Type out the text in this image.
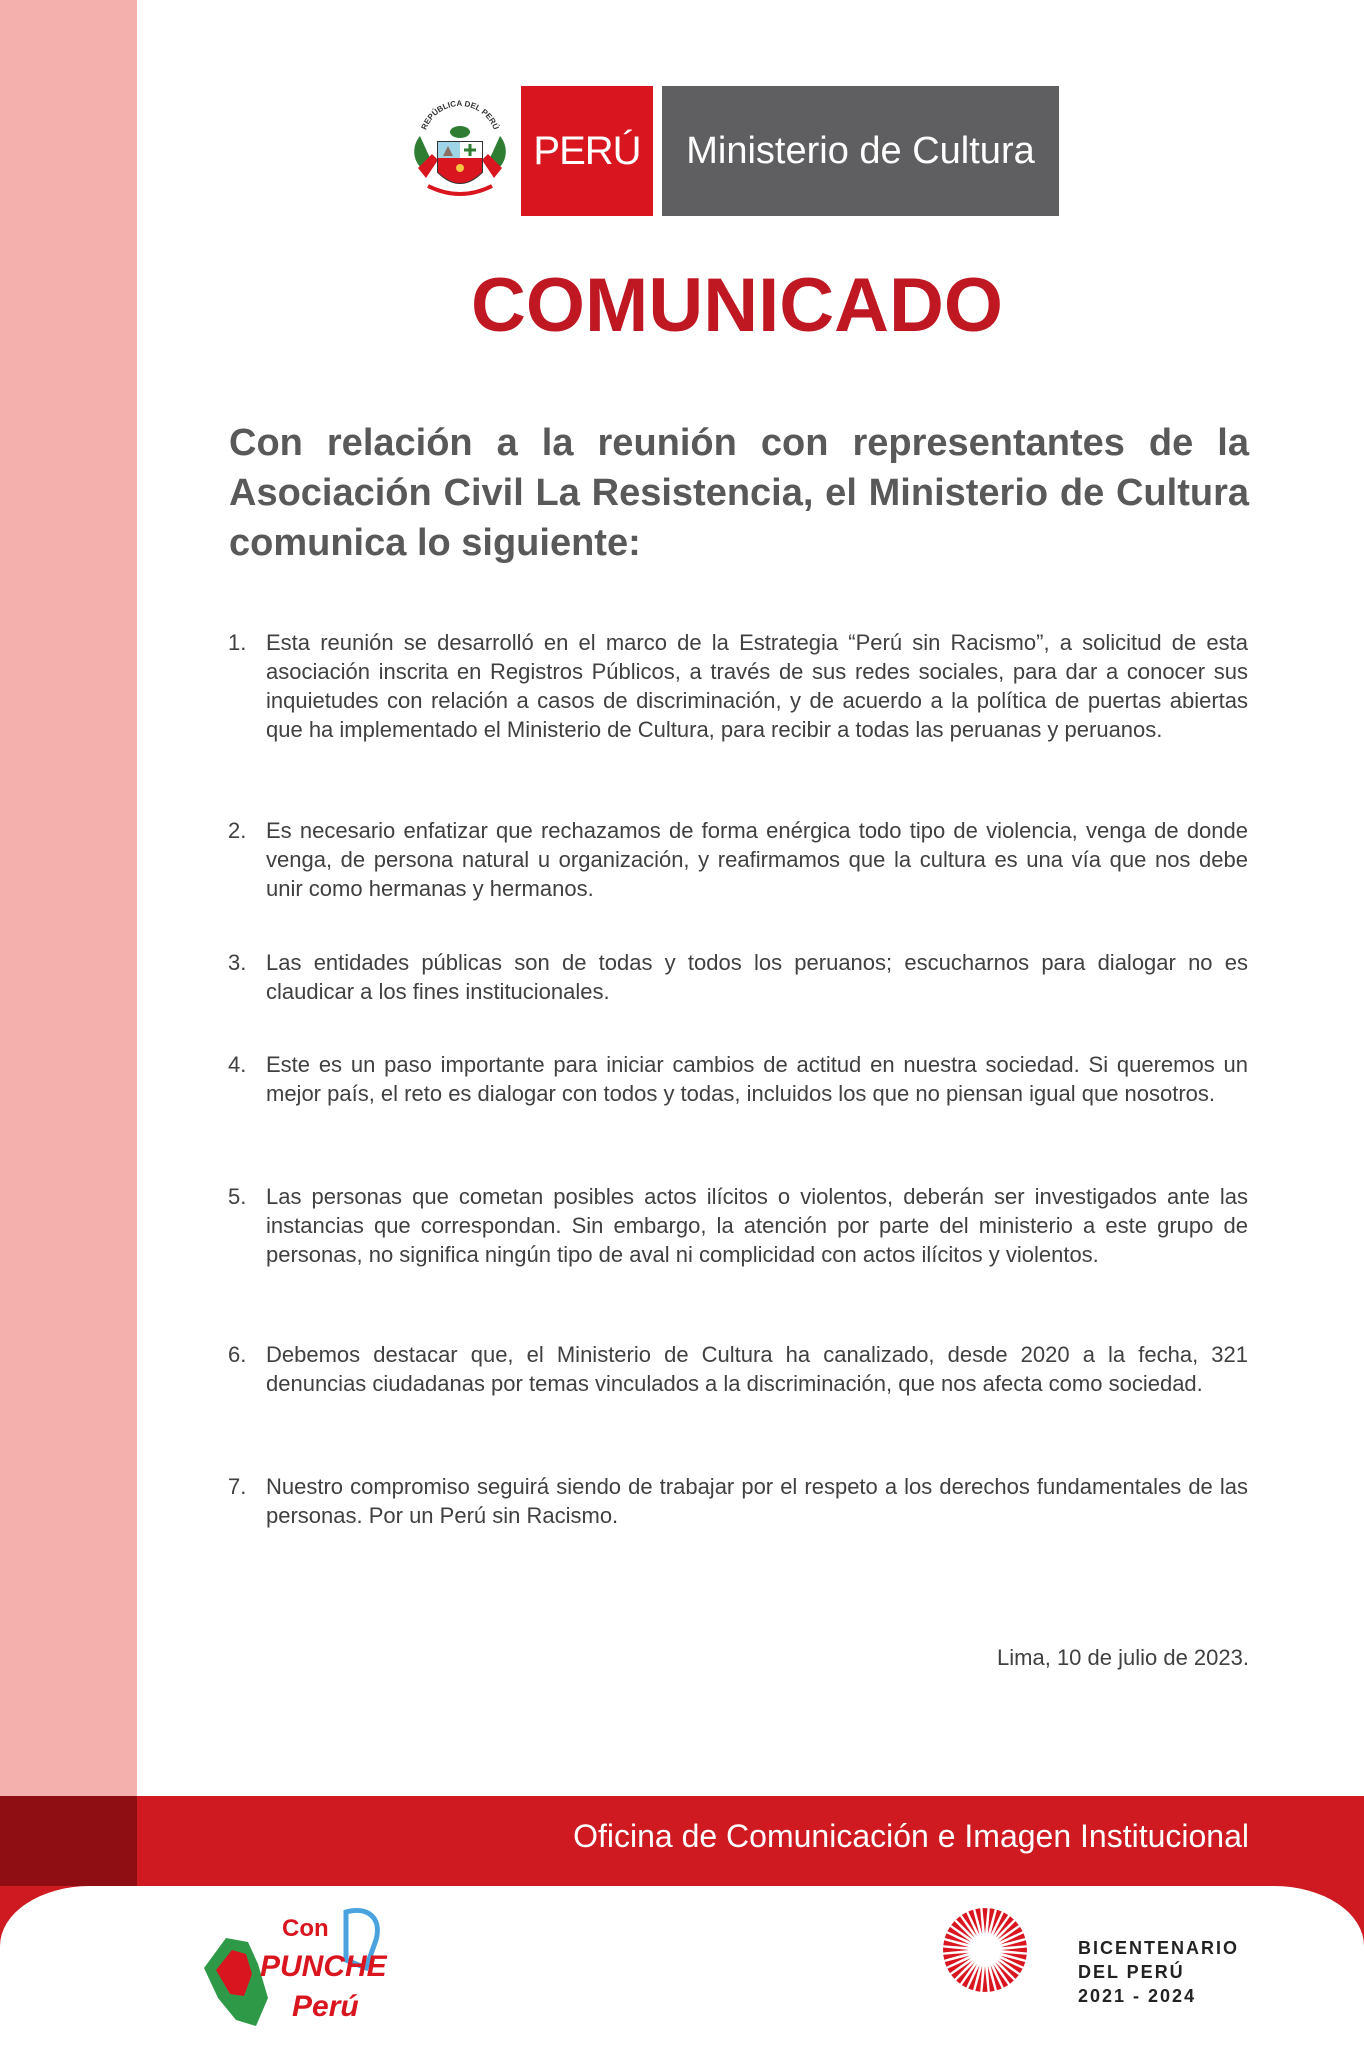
REPÚBLICA DEL PERÚ
PERÚ Ministerio de Cultura
COMUNICADO

Con relación a la reunión con representantes de la Asociación Civil La Resistencia, el Ministerio de Cultura comunica lo siguiente:

1. Esta reunión se desarrolló en el marco de la Estrategia “Perú sin Racismo”, a solicitud de esta asociación inscrita en Registros Públicos, a través de sus redes sociales, para dar a conocer sus inquietudes con relación a casos de discriminación, y de acuerdo a la política de puertas abiertas que ha implementado el Ministerio de Cultura, para recibir a todas las peruanas y peruanos.

2. Es necesario enfatizar que rechazamos de forma enérgica todo tipo de violencia, venga de donde venga, de persona natural u organización, y reafirmamos que la cultura es una vía que nos debe unir como hermanas y hermanos.

3. Las entidades públicas son de todas y todos los peruanos; escucharnos para dialogar no es claudicar a los fines institucionales.

4. Este es un paso importante para iniciar cambios de actitud en nuestra sociedad. Si queremos un mejor país, el reto es dialogar con todos y todas, incluidos los que no piensan igual que nosotros.

5. Las personas que cometan posibles actos ilícitos o violentos, deberán ser investigados ante las instancias que correspondan. Sin embargo, la atención por parte del ministerio a este grupo de personas, no significa ningún tipo de aval ni complicidad con actos ilícitos y violentos.

6. Debemos destacar que, el Ministerio de Cultura ha canalizado, desde 2020 a la fecha, 321 denuncias ciudadanas por temas vinculados a la discriminación, que nos afecta como sociedad.

7. Nuestro compromiso seguirá siendo de trabajar por el respeto a los derechos fundamentales de las personas. Por un Perú sin Racismo.

Lima, 10 de julio de 2023.
Oficina de Comunicación e Imagen Institucional
Con
PUNCHE
Perú
BICENTENARIO
DEL PERÚ
2021 - 2024
